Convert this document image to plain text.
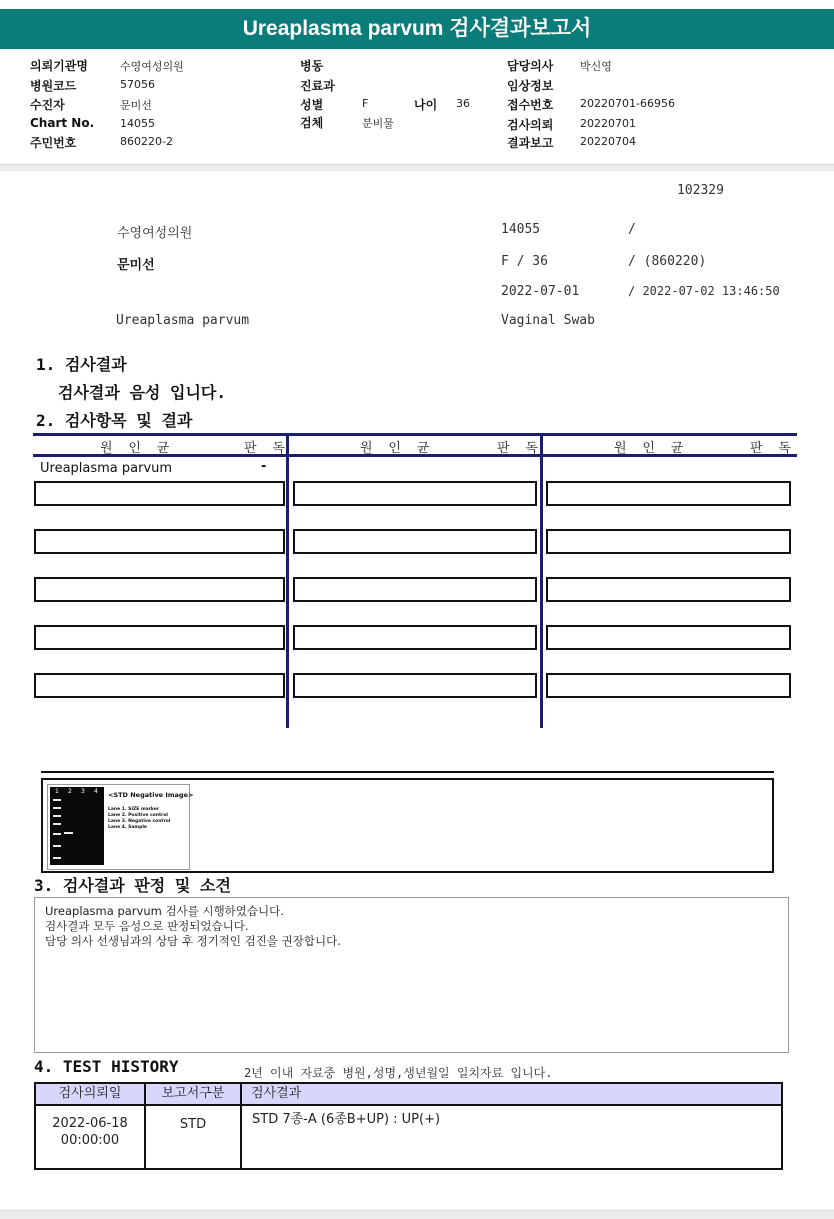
Ureaplasma parvum 검사결과보고서
의뢰기관명	수영여성의원
병원코드	57056
수진자	문미선
Chart No. 14055
주민번호	860220-2
병동
진료과
성별	F	나이 36
검체	분비물
담당의사 박신영
임상정보
접수번호 20220701-66956
검사의뢰 20220701
결과보고 20220704
102329
수영여성의원	14055	/
문미선	F / 36	/ (860220)
2022-07-01	/ 2022-07-02 13:46:50
Ureaplasma parvum	Vaginal Swab
1. 검사결과
검사결과 음성 입니다.
2. 검사항목 및 결과
원 인 균	판 독	원 인 균	판 독	원 인 균	판 독
Ureaplasma parvum	-
1 2 3 4 <STD Negative Image>
Lane 1. SIZE marker
Lane 2. Positive control
Lane 3. Negative control
Lane 4. Sample
3. 검사결과 판정 및 소견
Ureaplasma parvum 검사를 시행하였습니다.
검사결과 모두 음성으로 판정되었습니다.
담당 의사 선생님과의 상담 후 정기적인 검진을 권장합니다.
4. TEST HISTORY	2년 이내 자료중 병원,성명,생년월일 일치자료 입니다.
검사의뢰일	보고서구분	검사결과
2022-06-18
00:00:00
STD	STD 7종-A (6종B+UP) : UP(+)
